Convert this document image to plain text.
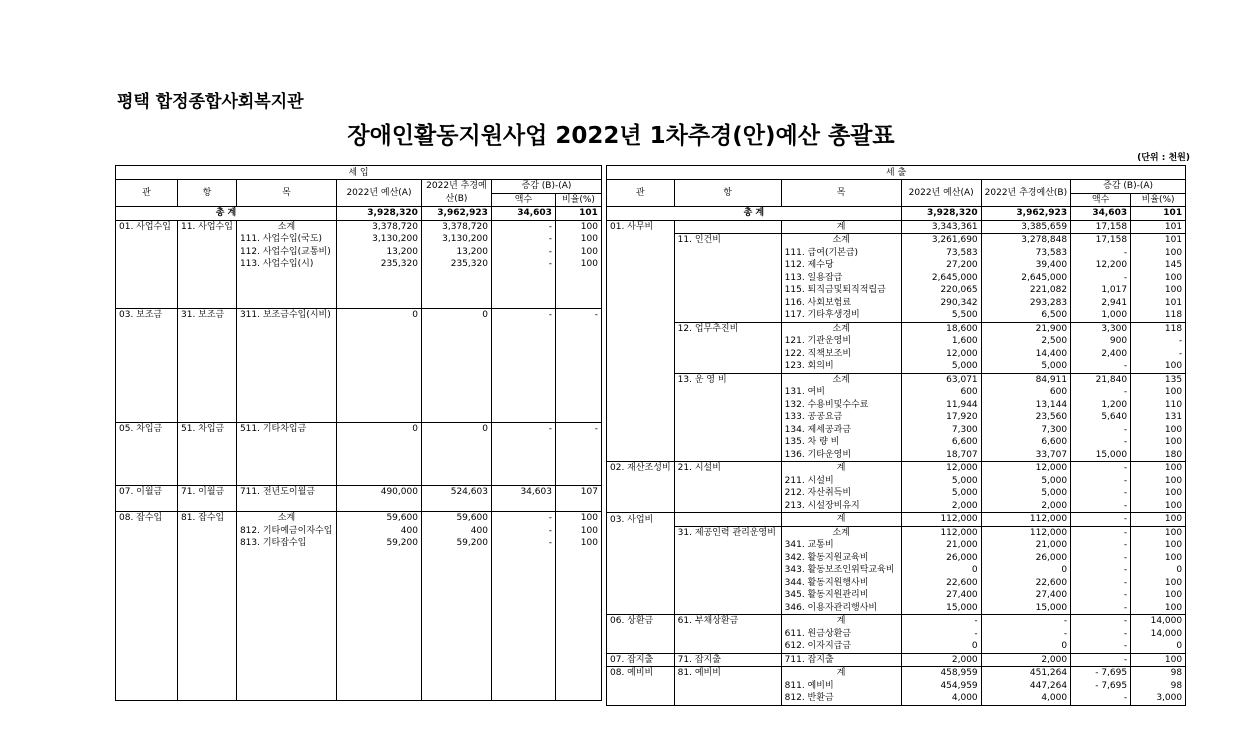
평택 합정종합사회복지관
장애인활동지원사업 2022년 1차추경(안)예산 총괄표
(단위 : 천원)
세 입						
관	항	목	2022년 예산(A)	2022년 추경예산(B)	증감 (B)-(A)	
					액수	비율(%)
총 계			3,928,320	3,962,923	34,603	101
01. 사업수입	11. 사업수입	소계	3,378,720	3,378,720	-	100
		111. 사업수입(국도)	3,130,200	3,130,200	-	100
		112. 사업수입(교통비)	13,200	13,200	-	100
		113. 사업수입(시)	235,320	235,320	-	100

03. 보조금	31. 보조금	311. 보조금수입(시비)	0	0	-	-

05. 차입금	51. 차입금	511. 기타차입금	0	0	-	-

07. 이월금	71. 이월금	711. 전년도이월금	490,000	524,603	34,603	107

08. 잡수입	81. 잡수입	소계	59,600	59,600	-	100
		812. 기타예금이자수입	400	400	-	100
		813. 기타잡수입	59,200	59,200	-	100

세 출						
관	항	목	2022년 예산(A)	2022년 추경예산(B)	증감 (B)-(A)	
					액수	비율(%)
총 계			3,928,320	3,962,923	34,603	101
01. 사무비		계	3,343,361	3,385,659	17,158	101
	11. 인건비	소계	3,261,690	3,278,848	17,158	101
		111. 급여(기본급)	73,583	73,583	-	100
		112. 제수당	27,200	39,400	12,200	145
		113. 일용잡급	2,645,000	2,645,000	-	100
		115. 퇴직금및퇴직적립금	220,065	221,082	1,017	100
		116. 사회보험료	290,342	293,283	2,941	101
		117. 기타후생경비	5,500	6,500	1,000	118
	12. 업무추진비	소계	18,600	21,900	3,300	118
		121. 기관운영비	1,600	2,500	900	-
		122. 직책보조비	12,000	14,400	2,400	-
		123. 회의비	5,000	5,000	-	100
	13. 운 영 비	소계	63,071	84,911	21,840	135
		131. 여비	600	600	-	100
		132. 수용비및수수료	11,944	13,144	1,200	110
		133. 공공요금	17,920	23,560	5,640	131
		134. 제세공과금	7,300	7,300	-	100
		135. 차 량 비	6,600	6,600	-	100
		136. 기타운영비	18,707	33,707	15,000	180
02. 재산조성비	21. 시설비	계	12,000	12,000	-	100
		211. 시설비	5,000	5,000	-	100
		212. 자산취득비	5,000	5,000	-	100
		213. 시설장비유지	2,000	2,000	-	100
03. 사업비		계	112,000	112,000	-	100
	31. 제공인력 관리운영비	소계	112,000	112,000	-	100
		341. 교통비	21,000	21,000	-	100
		342. 활동지원교육비	26,000	26,000	-	100
		343. 활동보조인위탁교육비	0	0	-	0
		344. 활동지원행사비	22,600	22,600	-	100
		345. 활동지원관리비	27,400	27,400	-	100
		346. 이용자관리행사비	15,000	15,000	-	100
06. 상환금	61. 부채상환금	계	-	-	-	14,000
		611. 원금상환금	-	-	-	14,000
		612. 이자지급금	0	0	-	0
07. 잡지출	71. 잡지출	711. 잡지출	2,000	2,000	-	100
08. 예비비	81. 예비비	계	458,959	451,264	- 7,695	98
		811. 예비비	454,959	447,264	- 7,695	98
		812. 반환금	4,000	4,000	-	3,000
